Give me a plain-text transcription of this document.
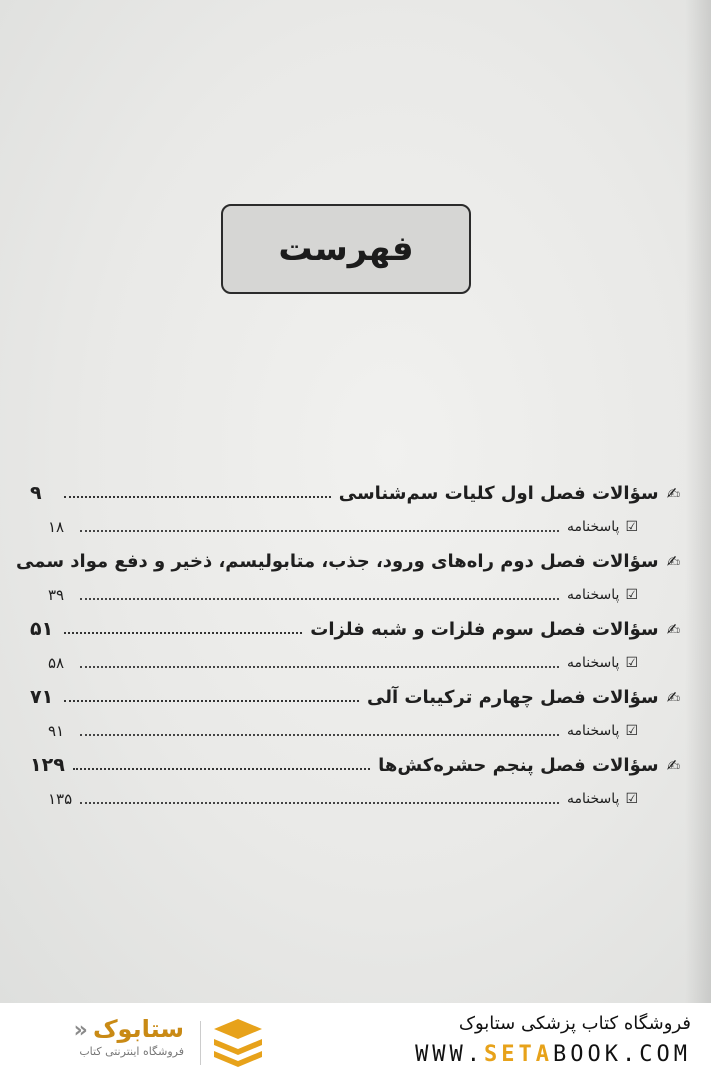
فهرست
✍
سؤالات فصل اول کلیات سم‌شناسی
۹
☑
پاسخنامه
۱۸
✍
سؤالات فصل دوم راه‌های ورود، جذب، متابولیسم، ذخیر و دفع مواد سمی
☑
پاسخنامه
۳۹
✍
سؤالات فصل سوم فلزات و شبه فلزات
۵۱
☑
پاسخنامه
۵۸
✍
سؤالات فصل چهارم ترکیبات آلی
۷۱
☑
پاسخنامه
۹۱
✍
سؤالات فصل پنجم حشره‌کش‌ها
۱۲۹
☑
پاسخنامه
۱۳۵
ستابوک «
فروشگاه اینترنتی کتاب
فروشگاه کتاب پزشکی ستابوک
WWW.SETABOOK.COM
